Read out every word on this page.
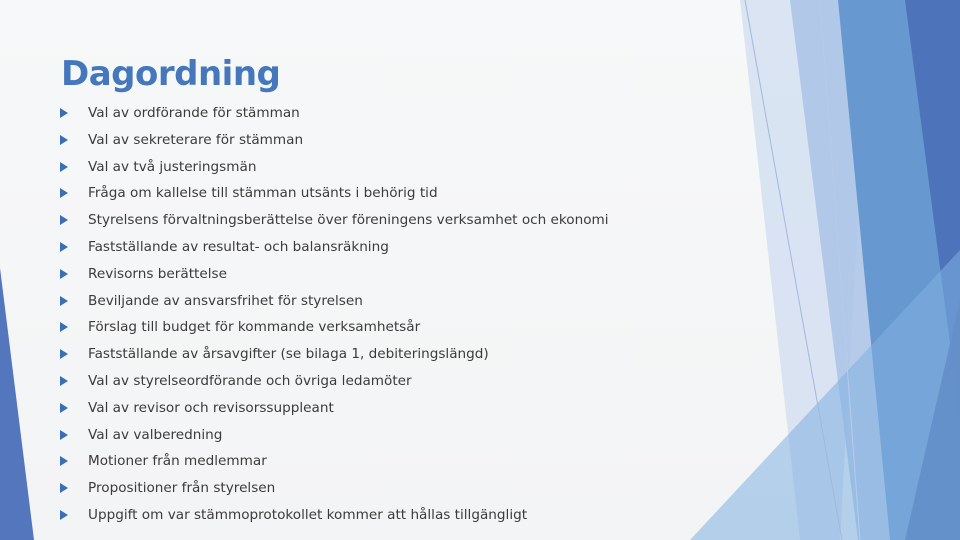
Dagordning
Val av ordförande för stämman
Val av sekreterare för stämman
Val av två justeringsmän
Fråga om kallelse till stämman utsänts i behörig tid
Styrelsens förvaltningsberättelse över föreningens verksamhet och ekonomi
Fastställande av resultat- och balansräkning
Revisorns berättelse
Beviljande av ansvarsfrihet för styrelsen
Förslag till budget för kommande verksamhetsår
Fastställande av årsavgifter (se bilaga 1, debiteringslängd)
Val av styrelseordförande och övriga ledamöter
Val av revisor och revisorssuppleant
Val av valberedning
Motioner från medlemmar
Propositioner från styrelsen
Uppgift om var stämmoprotokollet kommer att hållas tillgängligt
